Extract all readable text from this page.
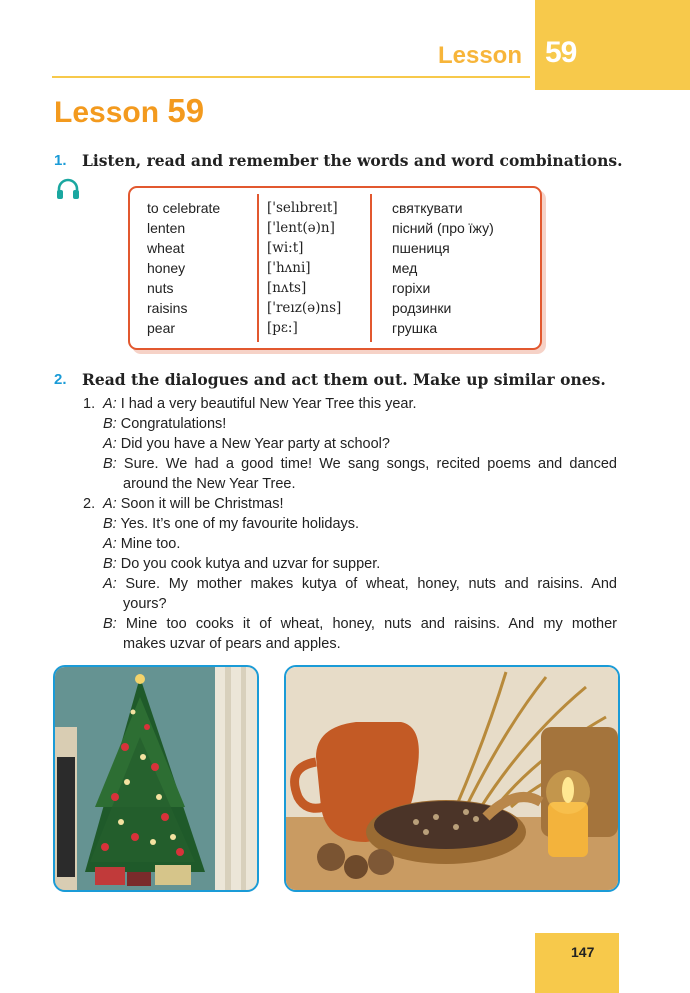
59
Lesson
Lesson 59
1. Listen, read and remember the words and word combinations.
to celebrate
lenten
wheat
honey
nuts
raisins
pear
['selıbreıt]
['lent(ə)n]
[wi:t]
['hʌni]
[nʌts]
['reız(ə)ns]
[pɛ:]
святкувати
пісний (про їжу)
пшениця
мед
горіхи
родзинки
грушка
2. Read the dialogues and act them out. Make up similar ones.
1. A: I had a very beautiful New Year Tree this year.
B: Congratulations!
A: Did you have a New Year party at school?
B: Sure. We had a good time! We sang songs, recited poems and danced
around the New Year Tree.
2. A: Soon it will be Christmas!
B: Yes. It’s one of my favourite holidays.
A: Mine too.
B: Do you cook kutya and uzvar for supper.
A: Sure. My mother makes kutya of wheat, honey, nuts and raisins. And
yours?
B: Mine too cooks it of wheat, honey, nuts and raisins. And my mother
makes uzvar of pears and apples.
147
